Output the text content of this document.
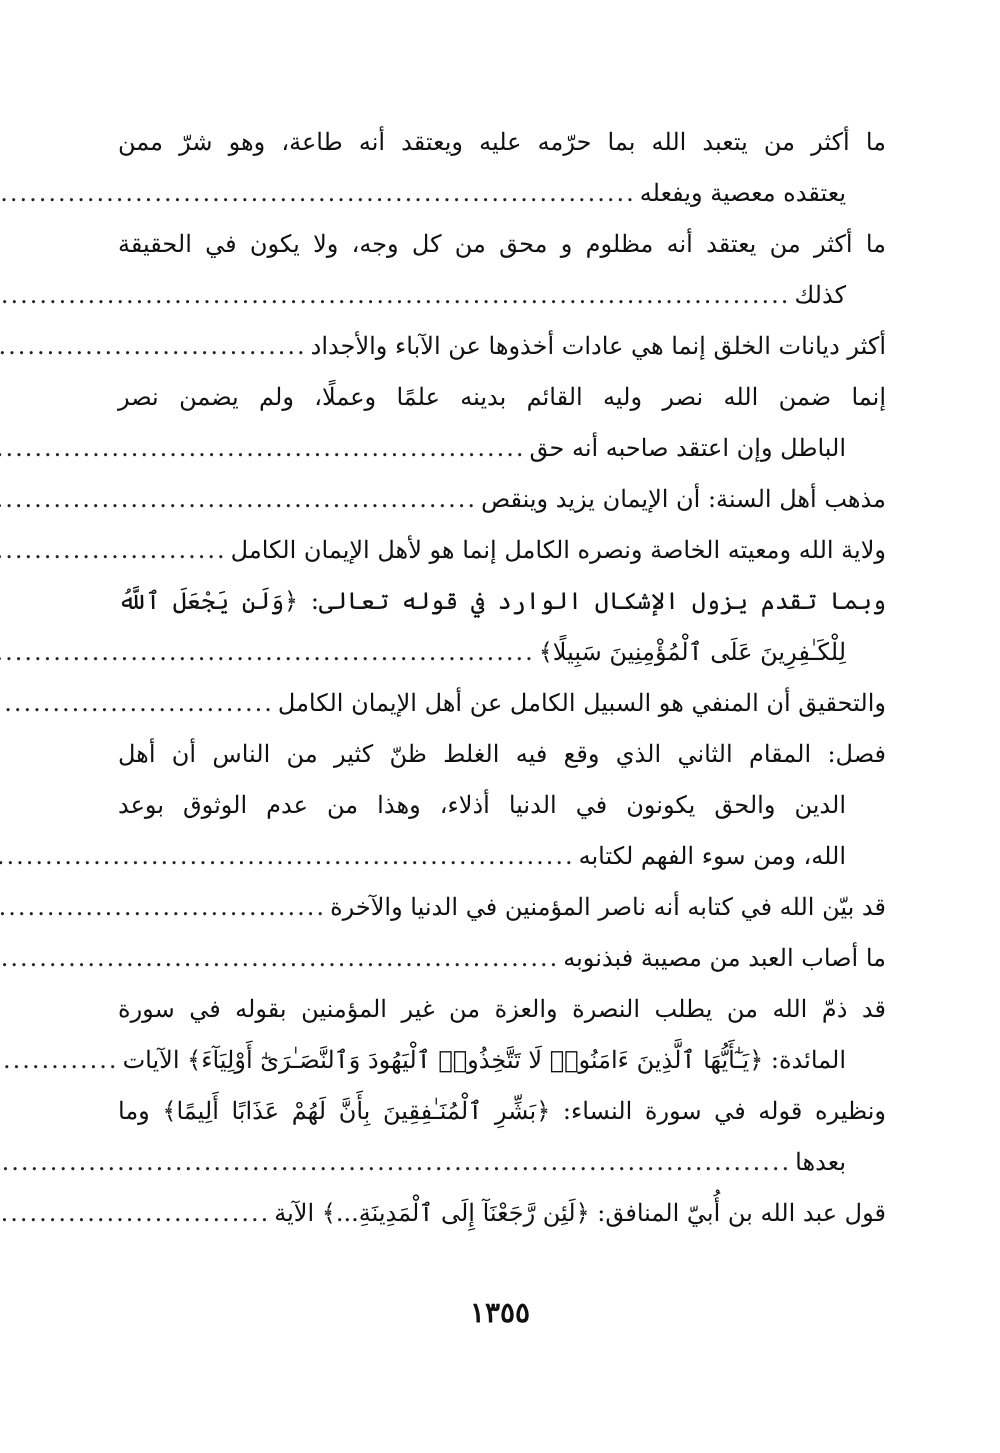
ما أكثر من يتعبد الله بما حرّمه عليه ويعتقد أنه طاعة، وهو شرّ ممن
يعتقده معصية ويفعله
.....
ما أكثر من يعتقد أنه مظلوم و محق من كل وجه، ولا يكون في الحقيقة
كذلك
.....
أكثر ديانات الخلق إنما هي عادات أخذوها عن الآباء والأجداد
.....
إنما ضمن الله نصر وليه القائم بدينه علمًا وعملًا، ولم يضمن نصر
الباطل وإن اعتقد صاحبه أنه حق
.....
مذهب أهل السنة: أن الإيمان يزيد وينقص
.....
ولاية الله ومعيته الخاصة ونصره الكامل إنما هو لأهل الإيمان الكامل
.....
وبما تقدم يزول الإشكال الوارد في قوله تعالى: ﴿وَلَن يَجْعَلَ ٱللَّهُ
لِلْكَـٰفِرِينَ عَلَى ٱلْمُؤْمِنِينَ سَبِيلًا﴾
.....
والتحقيق أن المنفي هو السبيل الكامل عن أهل الإيمان الكامل
.....
فصل: المقام الثاني الذي وقع فيه الغلط ظنّ كثير من الناس أن أهل
الدين والحق يكونون في الدنيا أذلاء، وهذا من عدم الوثوق بوعد
الله، ومن سوء الفهم لكتابه
.....
قد بيّن الله في كتابه أنه ناصر المؤمنين في الدنيا والآخرة
.....
ما أصاب العبد من مصيبة فبذنوبه
.....
قد ذمّ الله من يطلب النصرة والعزة من غير المؤمنين بقوله في سورة
المائدة: ﴿يَـٰٓأَيُّهَا ٱلَّذِينَ ءَامَنُوا۟ لَا تَتَّخِذُوا۟ ٱلْيَهُودَ وَٱلنَّصَـٰرَىٰٓ أَوْلِيَآءَ﴾ الآيات
.....
ونظيره قوله في سورة النساء: ﴿بَشِّرِ ٱلْمُنَـٰفِقِينَ بِأَنَّ لَهُمْ عَذَابًا أَلِيمًا﴾ وما
بعدها
.....
قول عبد الله بن أُبيّ المنافق: ﴿لَئِن رَّجَعْنَآ إِلَى ٱلْمَدِينَةِ...﴾ الآية
.....
١٣٥٥
